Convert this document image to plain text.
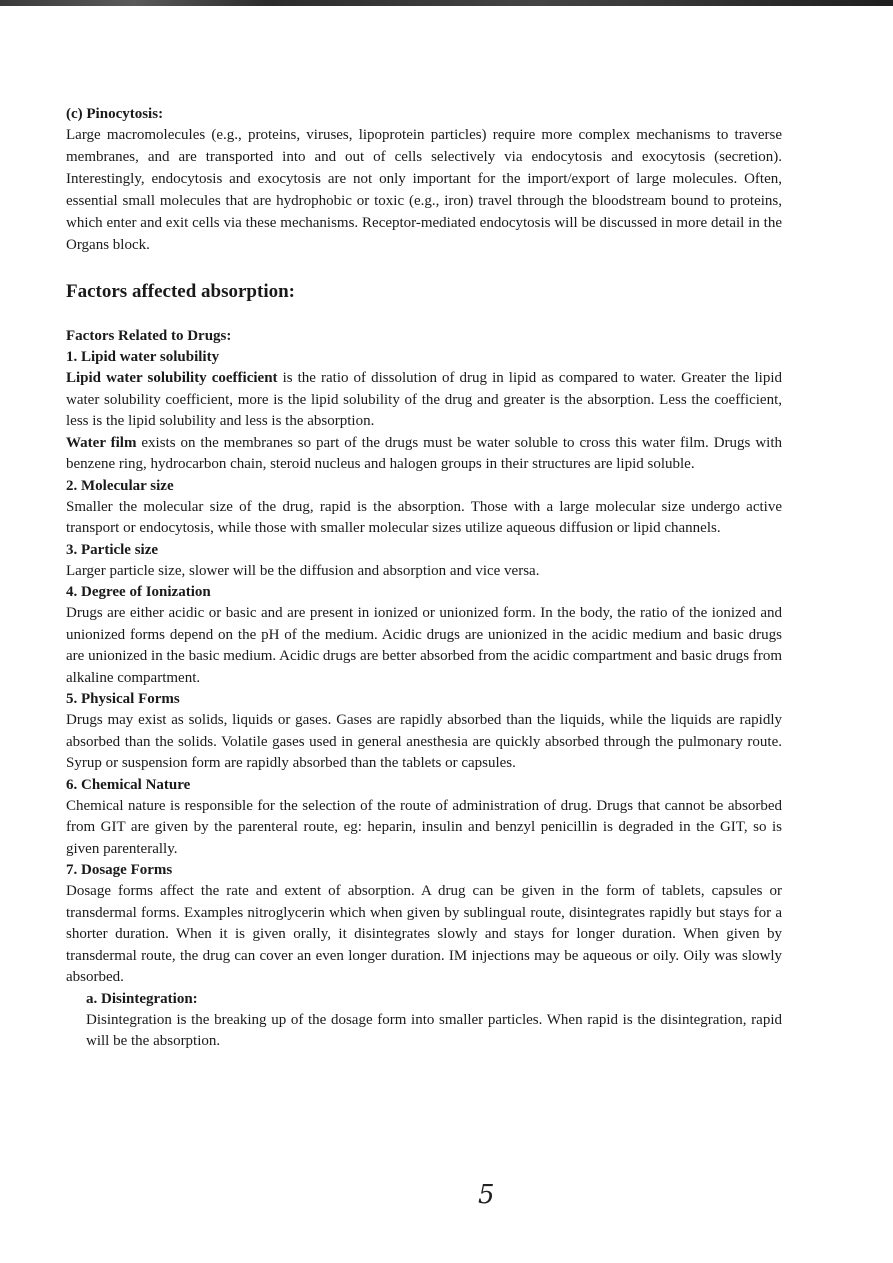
(c) Pinocytosis:

Large macromolecules (e.g., proteins, viruses, lipoprotein particles) require more complex mechanisms to traverse membranes, and are transported into and out of cells selectively via endocytosis and exocytosis (secretion). Interestingly, endocytosis and exocytosis are not only important for the import/export of large molecules. Often, essential small molecules that are hydrophobic or toxic (e.g., iron) travel through the bloodstream bound to proteins, which enter and exit cells via these mechanisms. Receptor-mediated endocytosis will be discussed in more detail in the Organs block.

Factors affected absorption:

Factors Related to Drugs:

1. Lipid water solubility

Lipid water solubility coefficient is the ratio of dissolution of drug in lipid as compared to water. Greater the lipid water solubility coefficient, more is the lipid solubility of the drug and greater is the absorption. Less the coefficient, less is the lipid solubility and less is the absorption.

Water film exists on the membranes so part of the drugs must be water soluble to cross this water film. Drugs with benzene ring, hydrocarbon chain, steroid nucleus and halogen groups in their structures are lipid soluble.

2. Molecular size

Smaller the molecular size of the drug, rapid is the absorption. Those with a large molecular size undergo active transport or endocytosis, while those with smaller molecular sizes utilize aqueous diffusion or lipid channels.

3. Particle size

Larger particle size, slower will be the diffusion and absorption and vice versa.

4. Degree of Ionization

Drugs are either acidic or basic and are present in ionized or unionized form. In the body, the ratio of the ionized and unionized forms depend on the pH of the medium. Acidic drugs are unionized in the acidic medium and basic drugs are unionized in the basic medium. Acidic drugs are better absorbed from the acidic compartment and basic drugs from alkaline compartment.

5. Physical Forms

Drugs may exist as solids, liquids or gases. Gases are rapidly absorbed than the liquids, while the liquids are rapidly absorbed than the solids. Volatile gases used in general anesthesia are quickly absorbed through the pulmonary route. Syrup or suspension form are rapidly absorbed than the tablets or capsules.

6. Chemical Nature

Chemical nature is responsible for the selection of the route of administration of drug. Drugs that cannot be absorbed from GIT are given by the parenteral route, eg: heparin, insulin and benzyl penicillin is degraded in the GIT, so is given parenterally.

7. Dosage Forms

Dosage forms affect the rate and extent of absorption. A drug can be given in the form of tablets, capsules or transdermal forms. Examples nitroglycerin which when given by sublingual route, disintegrates rapidly but stays for a shorter duration. When it is given orally, it disintegrates slowly and stays for longer duration. When given by transdermal route, the drug can cover an even longer duration. IM injections may be aqueous or oily. Oily was slowly absorbed.

a. Disintegration:

Disintegration is the breaking up of the dosage form into smaller particles. When rapid is the disintegration, rapid will be the absorption.

5
